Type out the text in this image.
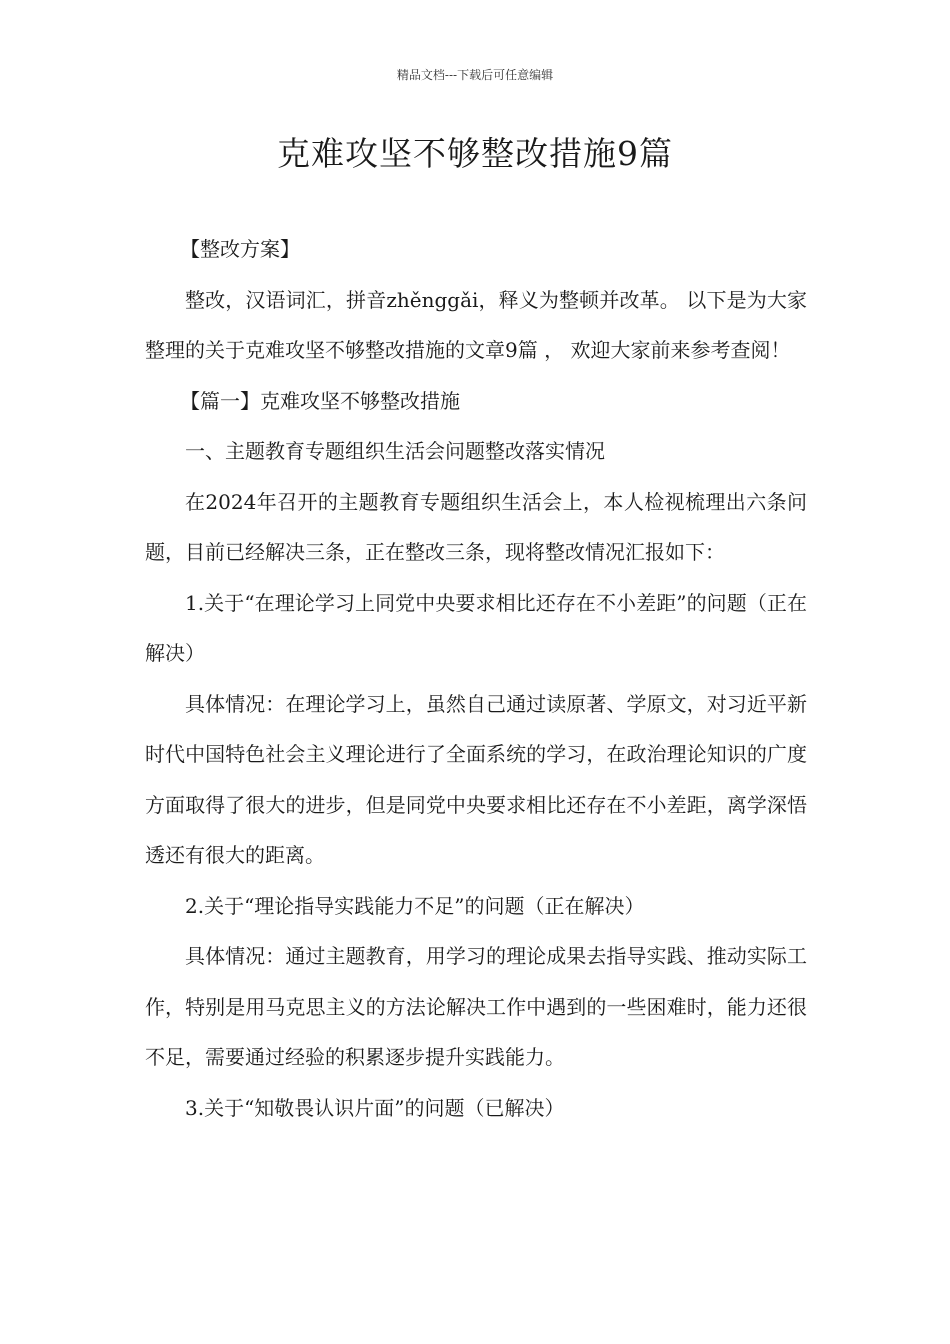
精品文档---下载后可任意编辑
克难攻坚不够整改措施9篇

【整改方案】

整改，汉语词汇，拼音zhěnggǎi，释义为整顿并改革。 以下是为大家整理的关于克难攻坚不够整改措施的文章9篇 ， 欢迎大家前来参考查阅！

【篇一】克难攻坚不够整改措施

一、主题教育专题组织生活会问题整改落实情况

在2024年召开的主题教育专题组织生活会上，本人检视梳理出六条问题，目前已经解决三条，正在整改三条，现将整改情况汇报如下：

1.关于“在理论学习上同党中央要求相比还存在不小差距”的问题（正在解决）

具体情况：在理论学习上，虽然自己通过读原著、学原文，对习近平新时代中国特色社会主义理论进行了全面系统的学习，在政治理论知识的广度方面取得了很大的进步，但是同党中央要求相比还存在不小差距，离学深悟透还有很大的距离。

2.关于“理论指导实践能力不足”的问题（正在解决）

具体情况：通过主题教育，用学习的理论成果去指导实践、推动实际工作，特别是用马克思主义的方法论解决工作中遇到的一些困难时，能力还很不足，需要通过经验的积累逐步提升实践能力。

3.关于“知敬畏认识片面”的问题（已解决）
